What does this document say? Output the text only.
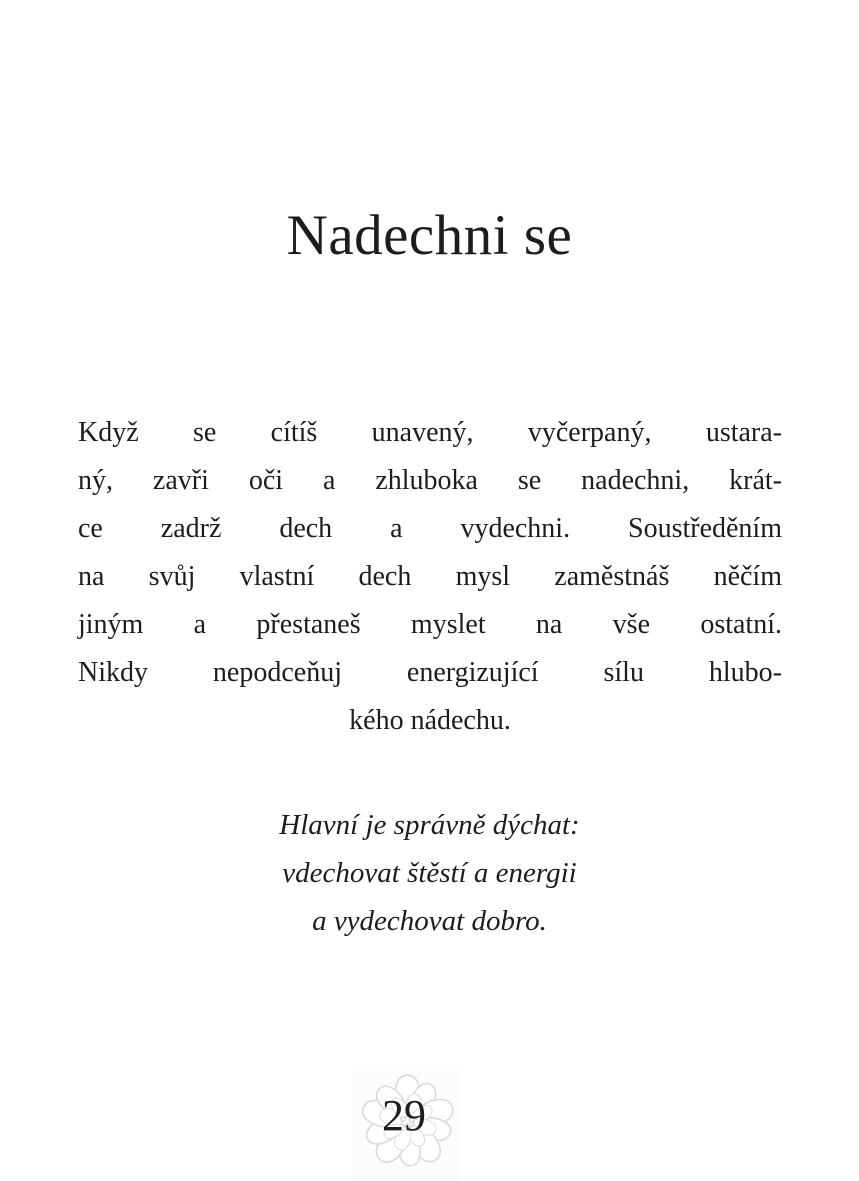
Nadechni se
Když se cítíš unavený, vyčerpaný, ustara-
ný, zavři oči a zhluboka se nadechni, krát-
ce zadrž dech a vydechni. Soustředěním
na svůj vlastní dech mysl zaměstnáš něčím
jiným a přestaneš myslet na vše ostatní.
Nikdy nepodceňuj energizující sílu hlubo-
kého nádechu.
Hlavní je správně dýchat:
vdechovat štěstí a energii
a vydechovat dobro.
29
